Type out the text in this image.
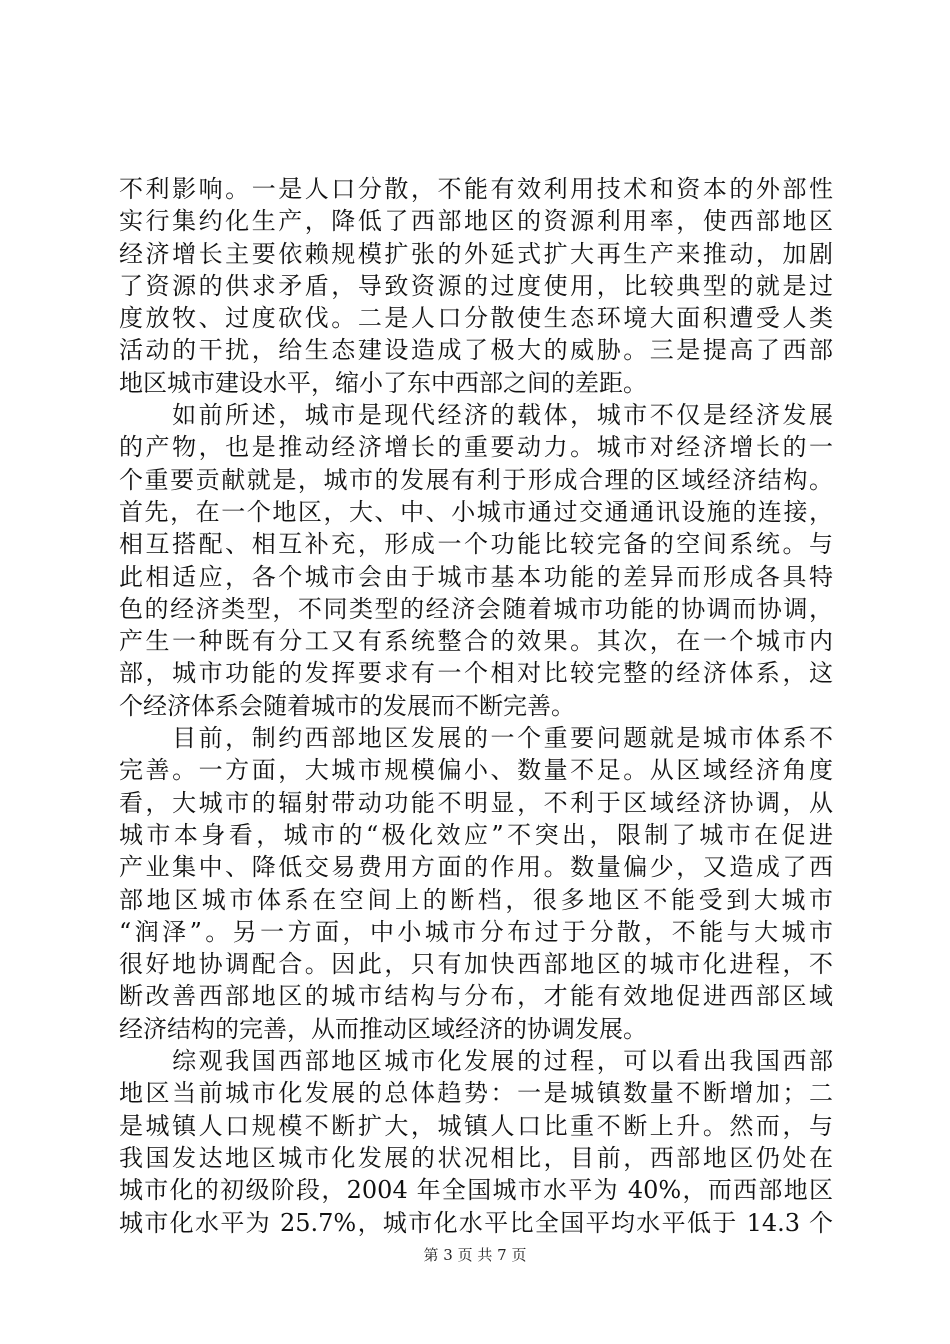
不利影响。一是人口分散，不能有效利用技术和资本的外部性
实行集约化生产，降低了西部地区的资源利用率，使西部地区
经济增长主要依赖规模扩张的外延式扩大再生产来推动，加剧
了资源的供求矛盾，导致资源的过度使用，比较典型的就是过
度放牧、过度砍伐。二是人口分散使生态环境大面积遭受人类
活动的干扰，给生态建设造成了极大的威胁。三是提高了西部
地区城市建设水平，缩小了东中西部之间的差距。
　　如前所述，城市是现代经济的载体，城市不仅是经济发展
的产物，也是推动经济增长的重要动力。城市对经济增长的一
个重要贡献就是，城市的发展有利于形成合理的区域经济结构。
首先，在一个地区，大、中、小城市通过交通通讯设施的连接，
相互搭配、相互补充，形成一个功能比较完备的空间系统。与
此相适应，各个城市会由于城市基本功能的差异而形成各具特
色的经济类型，不同类型的经济会随着城市功能的协调而协调，
产生一种既有分工又有系统整合的效果。其次，在一个城市内
部，城市功能的发挥要求有一个相对比较完整的经济体系，这
个经济体系会随着城市的发展而不断完善。
　　目前，制约西部地区发展的一个重要问题就是城市体系不
完善。一方面，大城市规模偏小、数量不足。从区域经济角度
看，大城市的辐射带动功能不明显，不利于区域经济协调，从
城市本身看，城市的“极化效应”不突出，限制了城市在促进
产业集中、降低交易费用方面的作用。数量偏少，又造成了西
部地区城市体系在空间上的断档，很多地区不能受到大城市
“润泽”。另一方面，中小城市分布过于分散，不能与大城市
很好地协调配合。因此，只有加快西部地区的城市化进程，不
断改善西部地区的城市结构与分布，才能有效地促进西部区域
经济结构的完善，从而推动区域经济的协调发展。
　　综观我国西部地区城市化发展的过程，可以看出我国西部
地区当前城市化发展的总体趋势：一是城镇数量不断增加；二
是城镇人口规模不断扩大，城镇人口比重不断上升。然而，与
我国发达地区城市化发展的状况相比，目前，西部地区仍处在
城市化的初级阶段，2004 年全国城市水平为 40%，而西部地区
城市化水平为 25.7%，城市化水平比全国平均水平低于 14.3 个
第 3 页 共 7 页
